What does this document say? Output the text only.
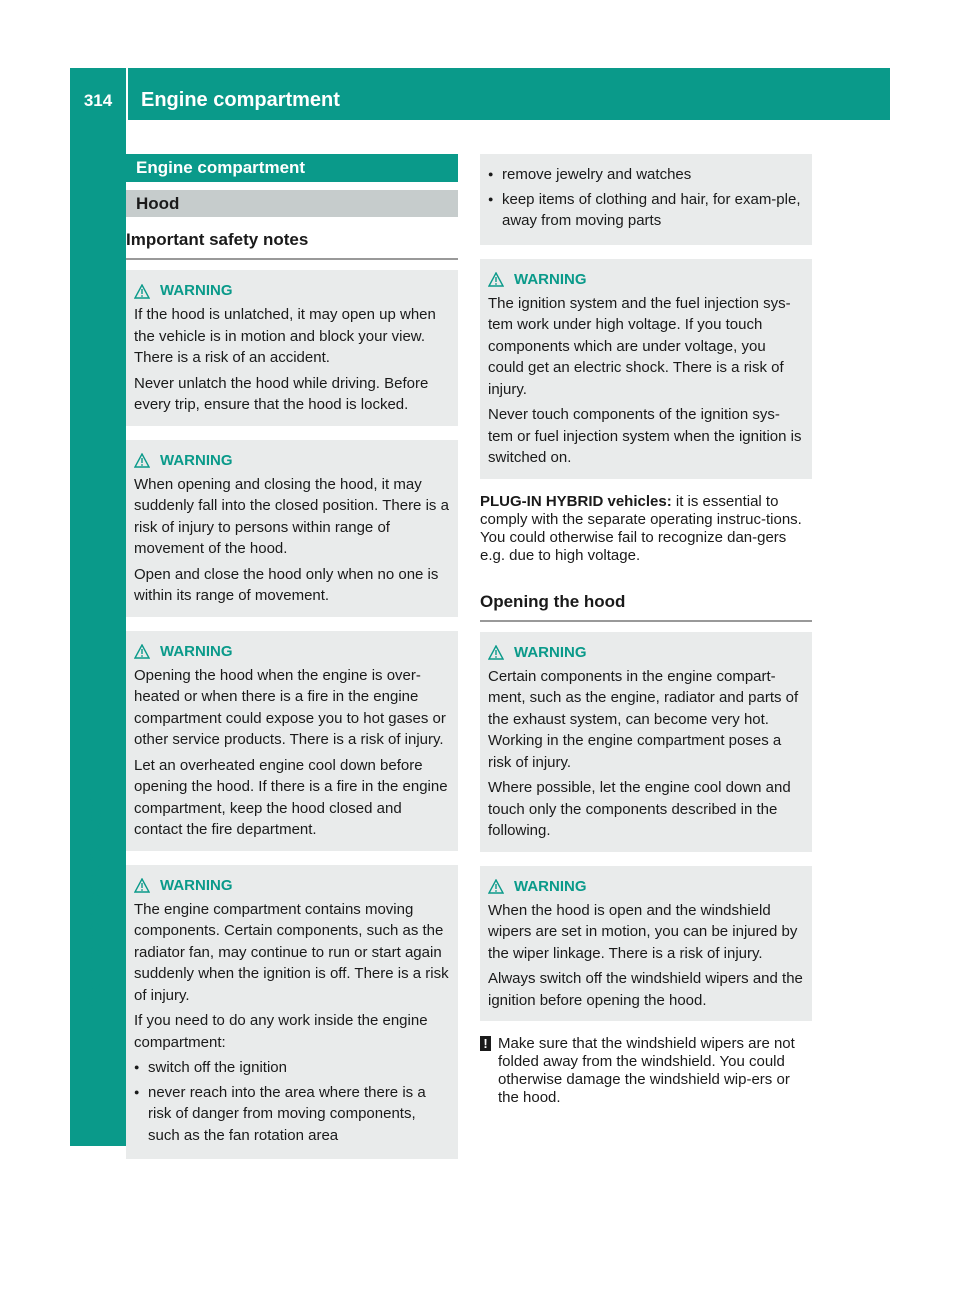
314	Engine compartment
Maintenance and care
Engine compartment
Hood
Important safety notes
WARNING

If the hood is unlatched, it may open up when the vehicle is in motion and block your view. There is a risk of an accident.

Never unlatch the hood while driving. Before every trip, ensure that the hood is locked.

WARNING

When opening and closing the hood, it may suddenly fall into the closed position. There is a risk of injury to persons within range of movement of the hood.

Open and close the hood only when no one is within its range of movement.

WARNING

Opening the hood when the engine is over-heated or when there is a fire in the engine compartment could expose you to hot gases or other service products. There is a risk of injury.

Let an overheated engine cool down before opening the hood. If there is a fire in the engine compartment, keep the hood closed and contact the fire department.

WARNING

The engine compartment contains moving components. Certain components, such as the radiator fan, may continue to run or start again suddenly when the ignition is off. There is a risk of injury.

If you need to do any work inside the engine compartment:

● switch off the ignition
● never reach into the area where there is a risk of danger from moving components, such as the fan rotation area
● remove jewelry and watches
● keep items of clothing and hair, for exam-ple, away from moving parts
WARNING

The ignition system and the fuel injection sys-tem work under high voltage. If you touch components which are under voltage, you could get an electric shock. There is a risk of injury.

Never touch components of the ignition sys-tem or fuel injection system when the ignition is switched on.

PLUG-IN HYBRID vehicles: it is essential to comply with the separate operating instruc-tions. You could otherwise fail to recognize dan-gers e.g. due to high voltage.

Opening the hood
WARNING

Certain components in the engine compart-ment, such as the engine, radiator and parts of the exhaust system, can become very hot. Working in the engine compartment poses a risk of injury.

Where possible, let the engine cool down and touch only the components described in the following.

WARNING

When the hood is open and the windshield wipers are set in motion, you can be injured by the wiper linkage. There is a risk of injury.

Always switch off the windshield wipers and the ignition before opening the hood.

! Make sure that the windshield wipers are not folded away from the windshield. You could otherwise damage the windshield wip-ers or the hood.
